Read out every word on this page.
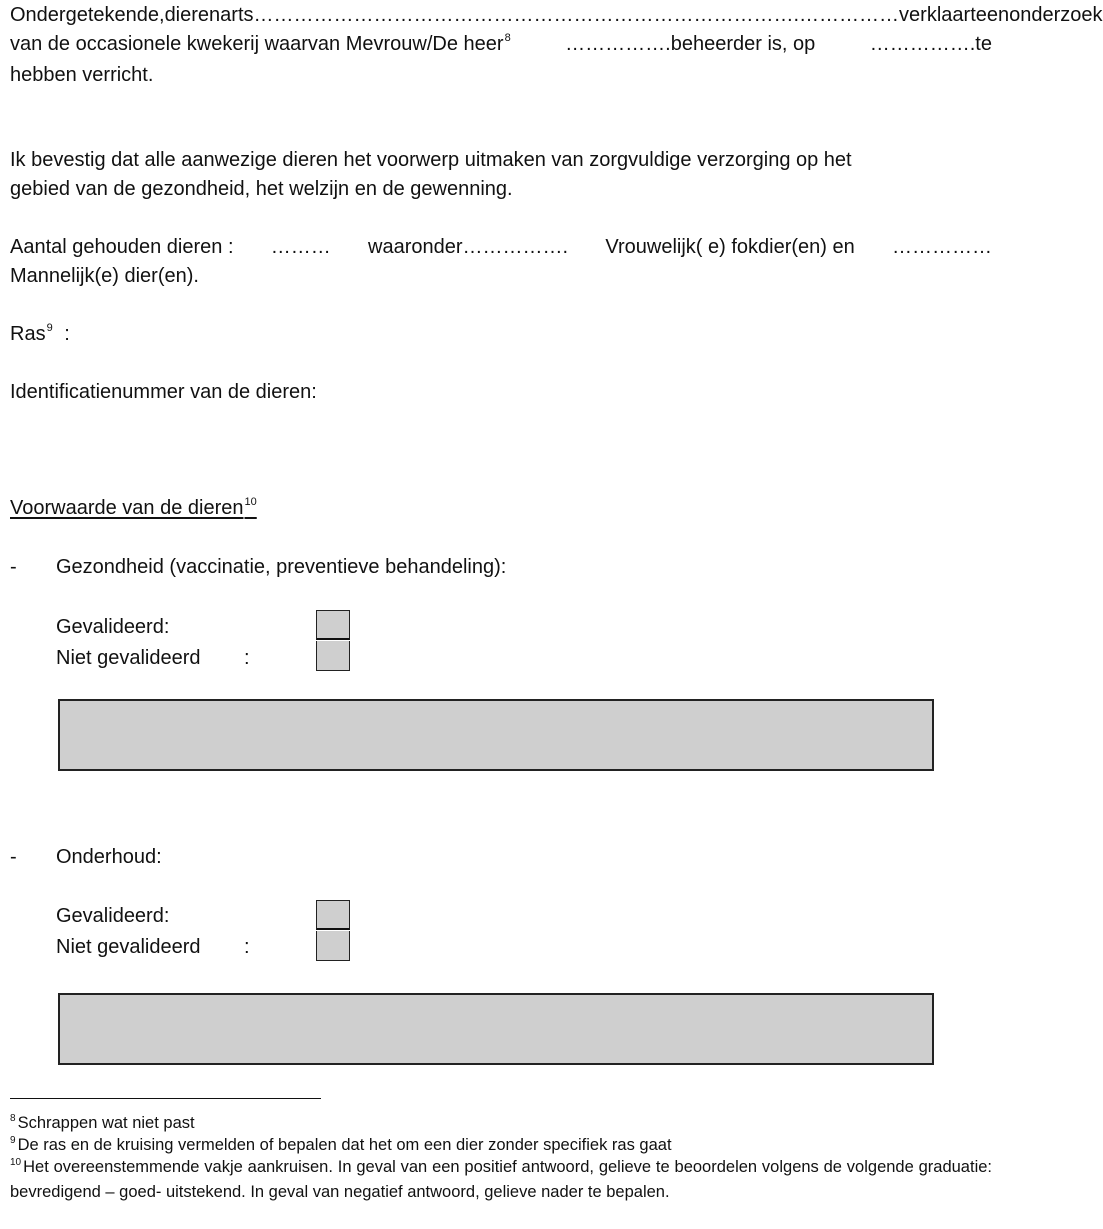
Ondergetekende, dierenarts ……………………………………………………………………….……………verklaart een onderzoek
van de occasionele kwekerij waarvan Mevrouw/De heer$^8$	…………….beheerder is, op	…………….te
hebben verricht.
Ik bevestig dat alle aanwezige dieren het voorwerp uitmaken van zorgvuldige verzorging op het
gebied van de gezondheid, het welzijn en de gewenning.
Aantal gehouden dieren : ……… waaronder……………. Vrouwelijk( e) fokdier(en) en ……………
Mannelijk(e) dier(en).
Ras$^9$ :
Identificatienummer van de dieren:
Voorwaarde van de dieren$^{10}$
- Gezondheid (vaccinatie, preventieve behandeling):
Gevalideerd:
Niet gevalideerd :
- Onderhoud:
Gevalideerd:
Niet gevalideerd :
$^8$ Schrappen wat niet past
$^9$ De ras en de kruising vermelden of bepalen dat het om een dier zonder specifiek ras gaat
$^{10}$ Het overeenstemmende vakje aankruisen. In geval van een positief antwoord, gelieve te beoordelen volgens de volgende graduatie: bevredigend – goed- uitstekend. In geval van negatief antwoord, gelieve nader te bepalen.
